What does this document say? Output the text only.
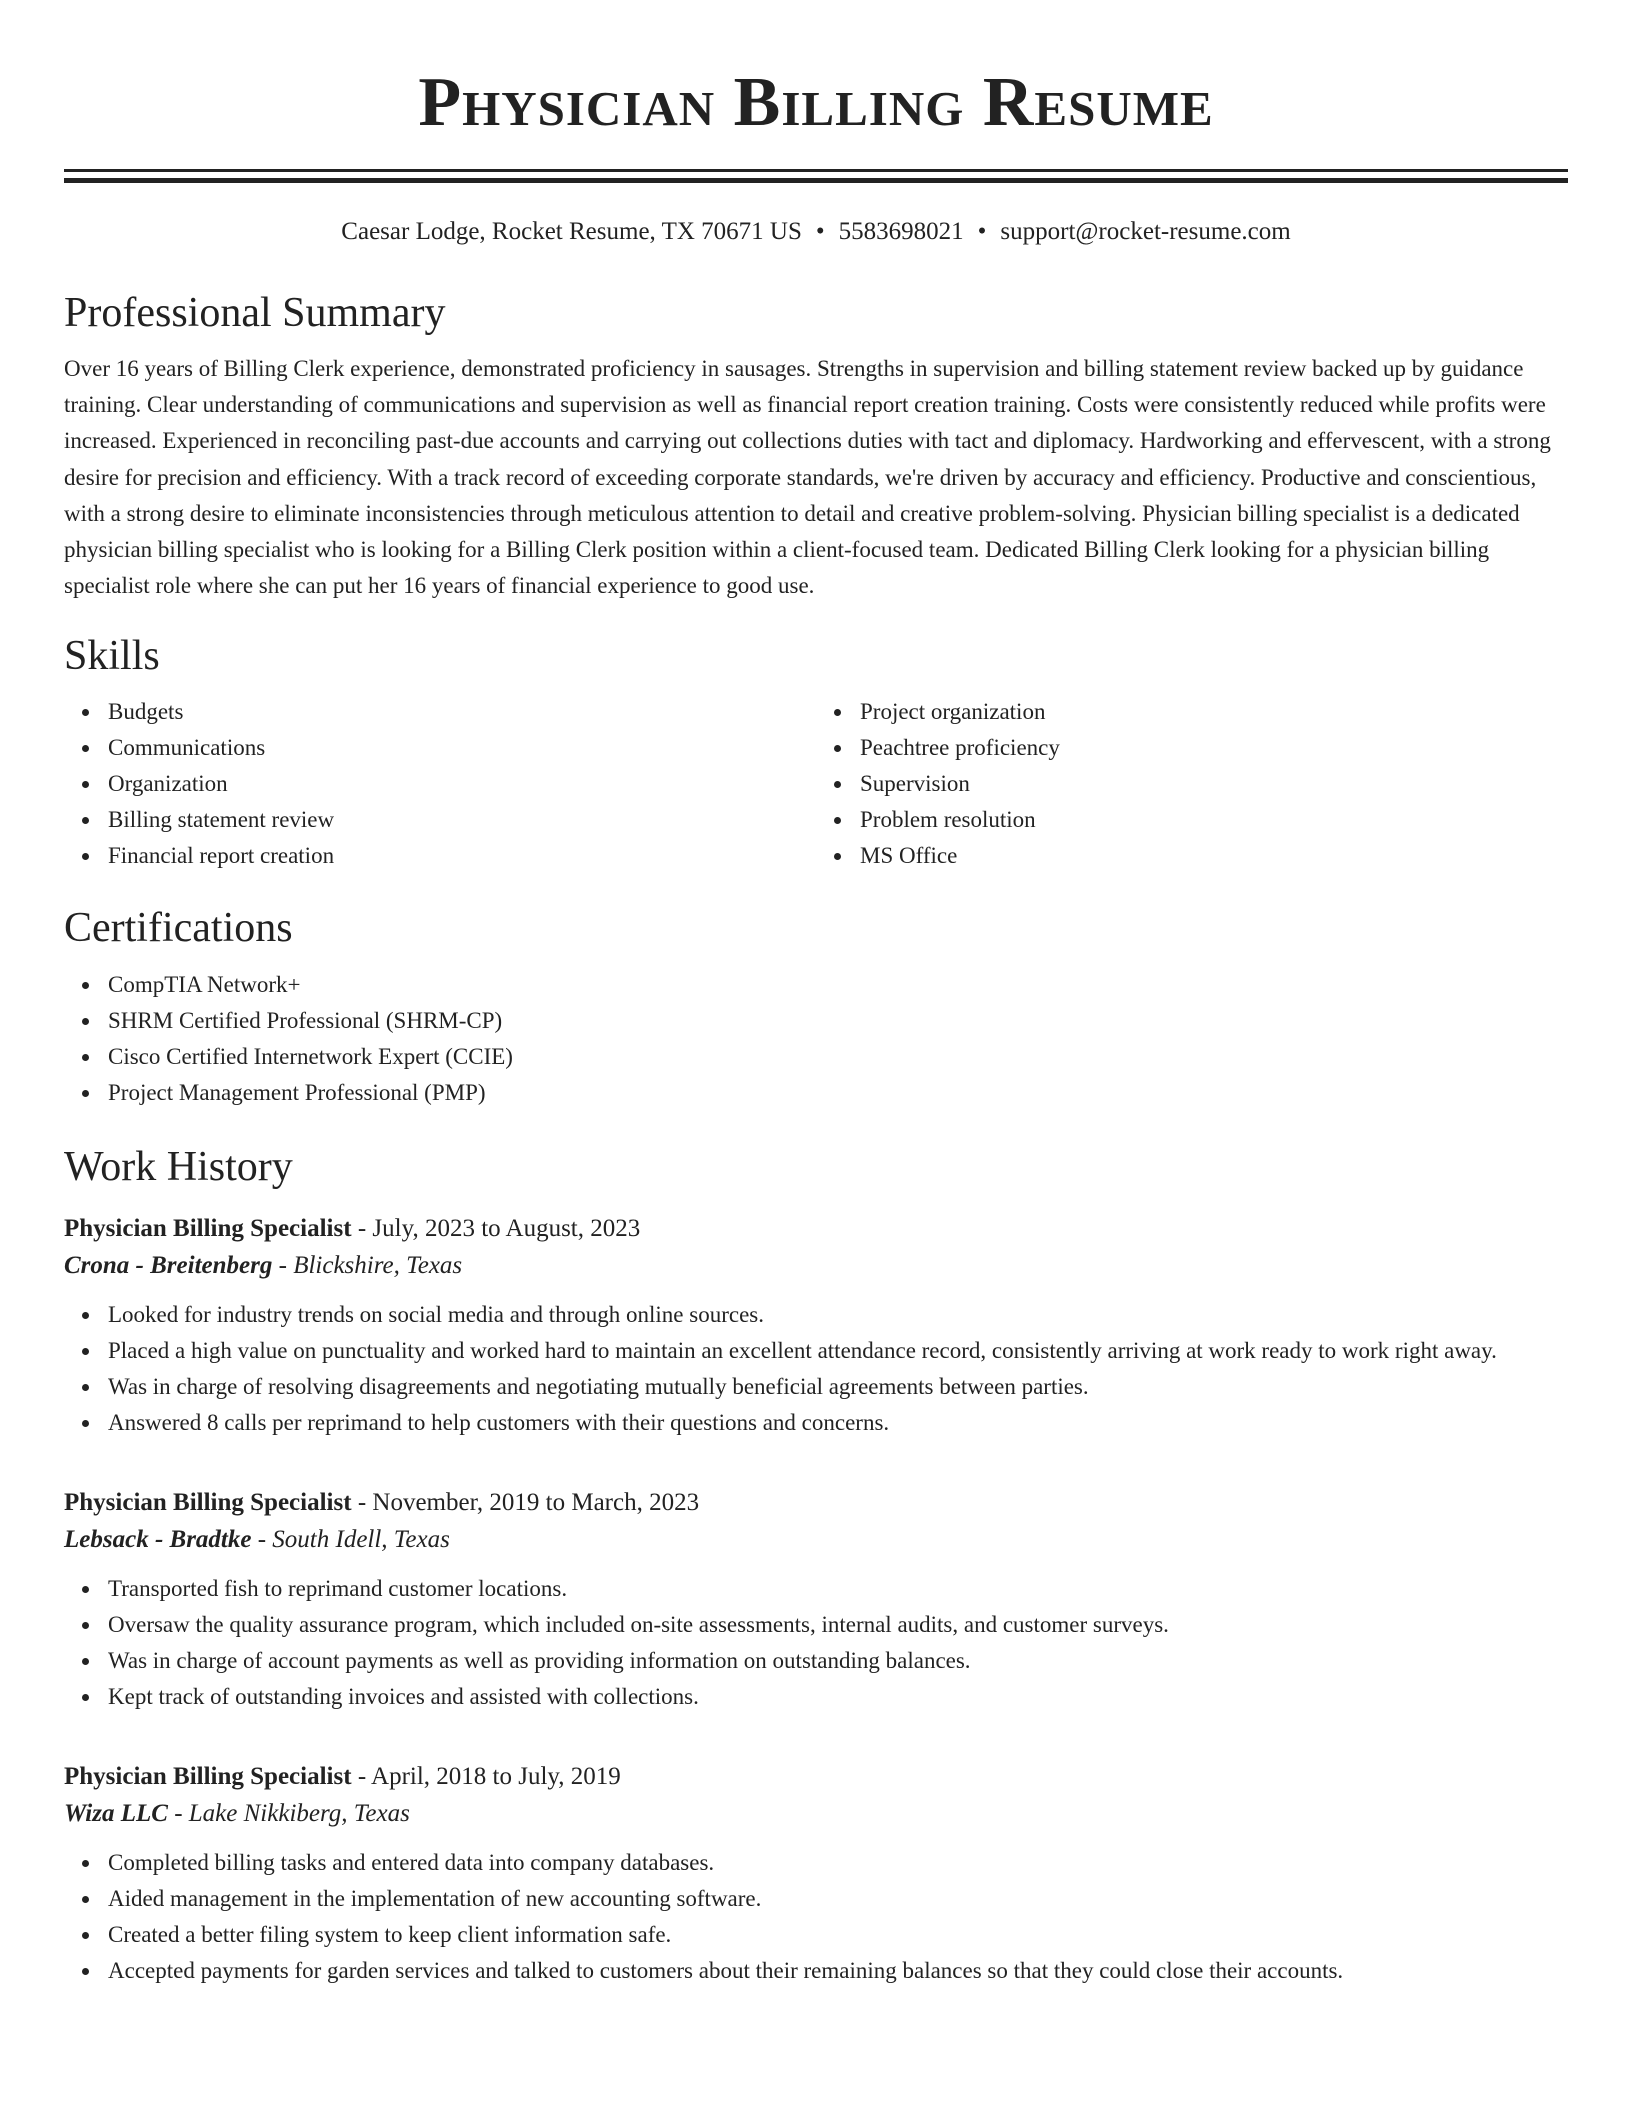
Physician Billing Resume
Caesar Lodge, Rocket Resume, TX 70671 US • 5583698021 • support@rocket-resume.com
Professional Summary

Over 16 years of Billing Clerk experience, demonstrated proficiency in sausages. Strengths in supervision and billing statement review backed up by guidance training. Clear understanding of communications and supervision as well as financial report creation training. Costs were consistently reduced while profits were increased. Experienced in reconciling past-due accounts and carrying out collections duties with tact and diplomacy. Hardworking and effervescent, with a strong desire for precision and efficiency. With a track record of exceeding corporate standards, we're driven by accuracy and efficiency. Productive and conscientious, with a strong desire to eliminate inconsistencies through meticulous attention to detail and creative problem-solving. Physician billing specialist is a dedicated physician billing specialist who is looking for a Billing Clerk position within a client-focused team. Dedicated Billing Clerk looking for a physician billing specialist role where she can put her 16 years of financial experience to good use.

Skills
Budgets
Communications
Organization
Billing statement review
Financial report creation
Project organization
Peachtree proficiency
Supervision
Problem resolution
MS Office
Certifications
CompTIA Network+
SHRM Certified Professional (SHRM-CP)
Cisco Certified Internetwork Expert (CCIE)
Project Management Professional (PMP)
Work History
Physician Billing Specialist - July, 2023 to August, 2023
Crona - Breitenberg - Blickshire, Texas
Looked for industry trends on social media and through online sources.
Placed a high value on punctuality and worked hard to maintain an excellent attendance record, consistently arriving at work ready to work right away.
Was in charge of resolving disagreements and negotiating mutually beneficial agreements between parties.
Answered 8 calls per reprimand to help customers with their questions and concerns.
Physician Billing Specialist - November, 2019 to March, 2023
Lebsack - Bradtke - South Idell, Texas
Transported fish to reprimand customer locations.
Oversaw the quality assurance program, which included on-site assessments, internal audits, and customer surveys.
Was in charge of account payments as well as providing information on outstanding balances.
Kept track of outstanding invoices and assisted with collections.
Physician Billing Specialist - April, 2018 to July, 2019
Wiza LLC - Lake Nikkiberg, Texas
Completed billing tasks and entered data into company databases.
Aided management in the implementation of new accounting software.
Created a better filing system to keep client information safe.
Accepted payments for garden services and talked to customers about their remaining balances so that they could close their accounts.
